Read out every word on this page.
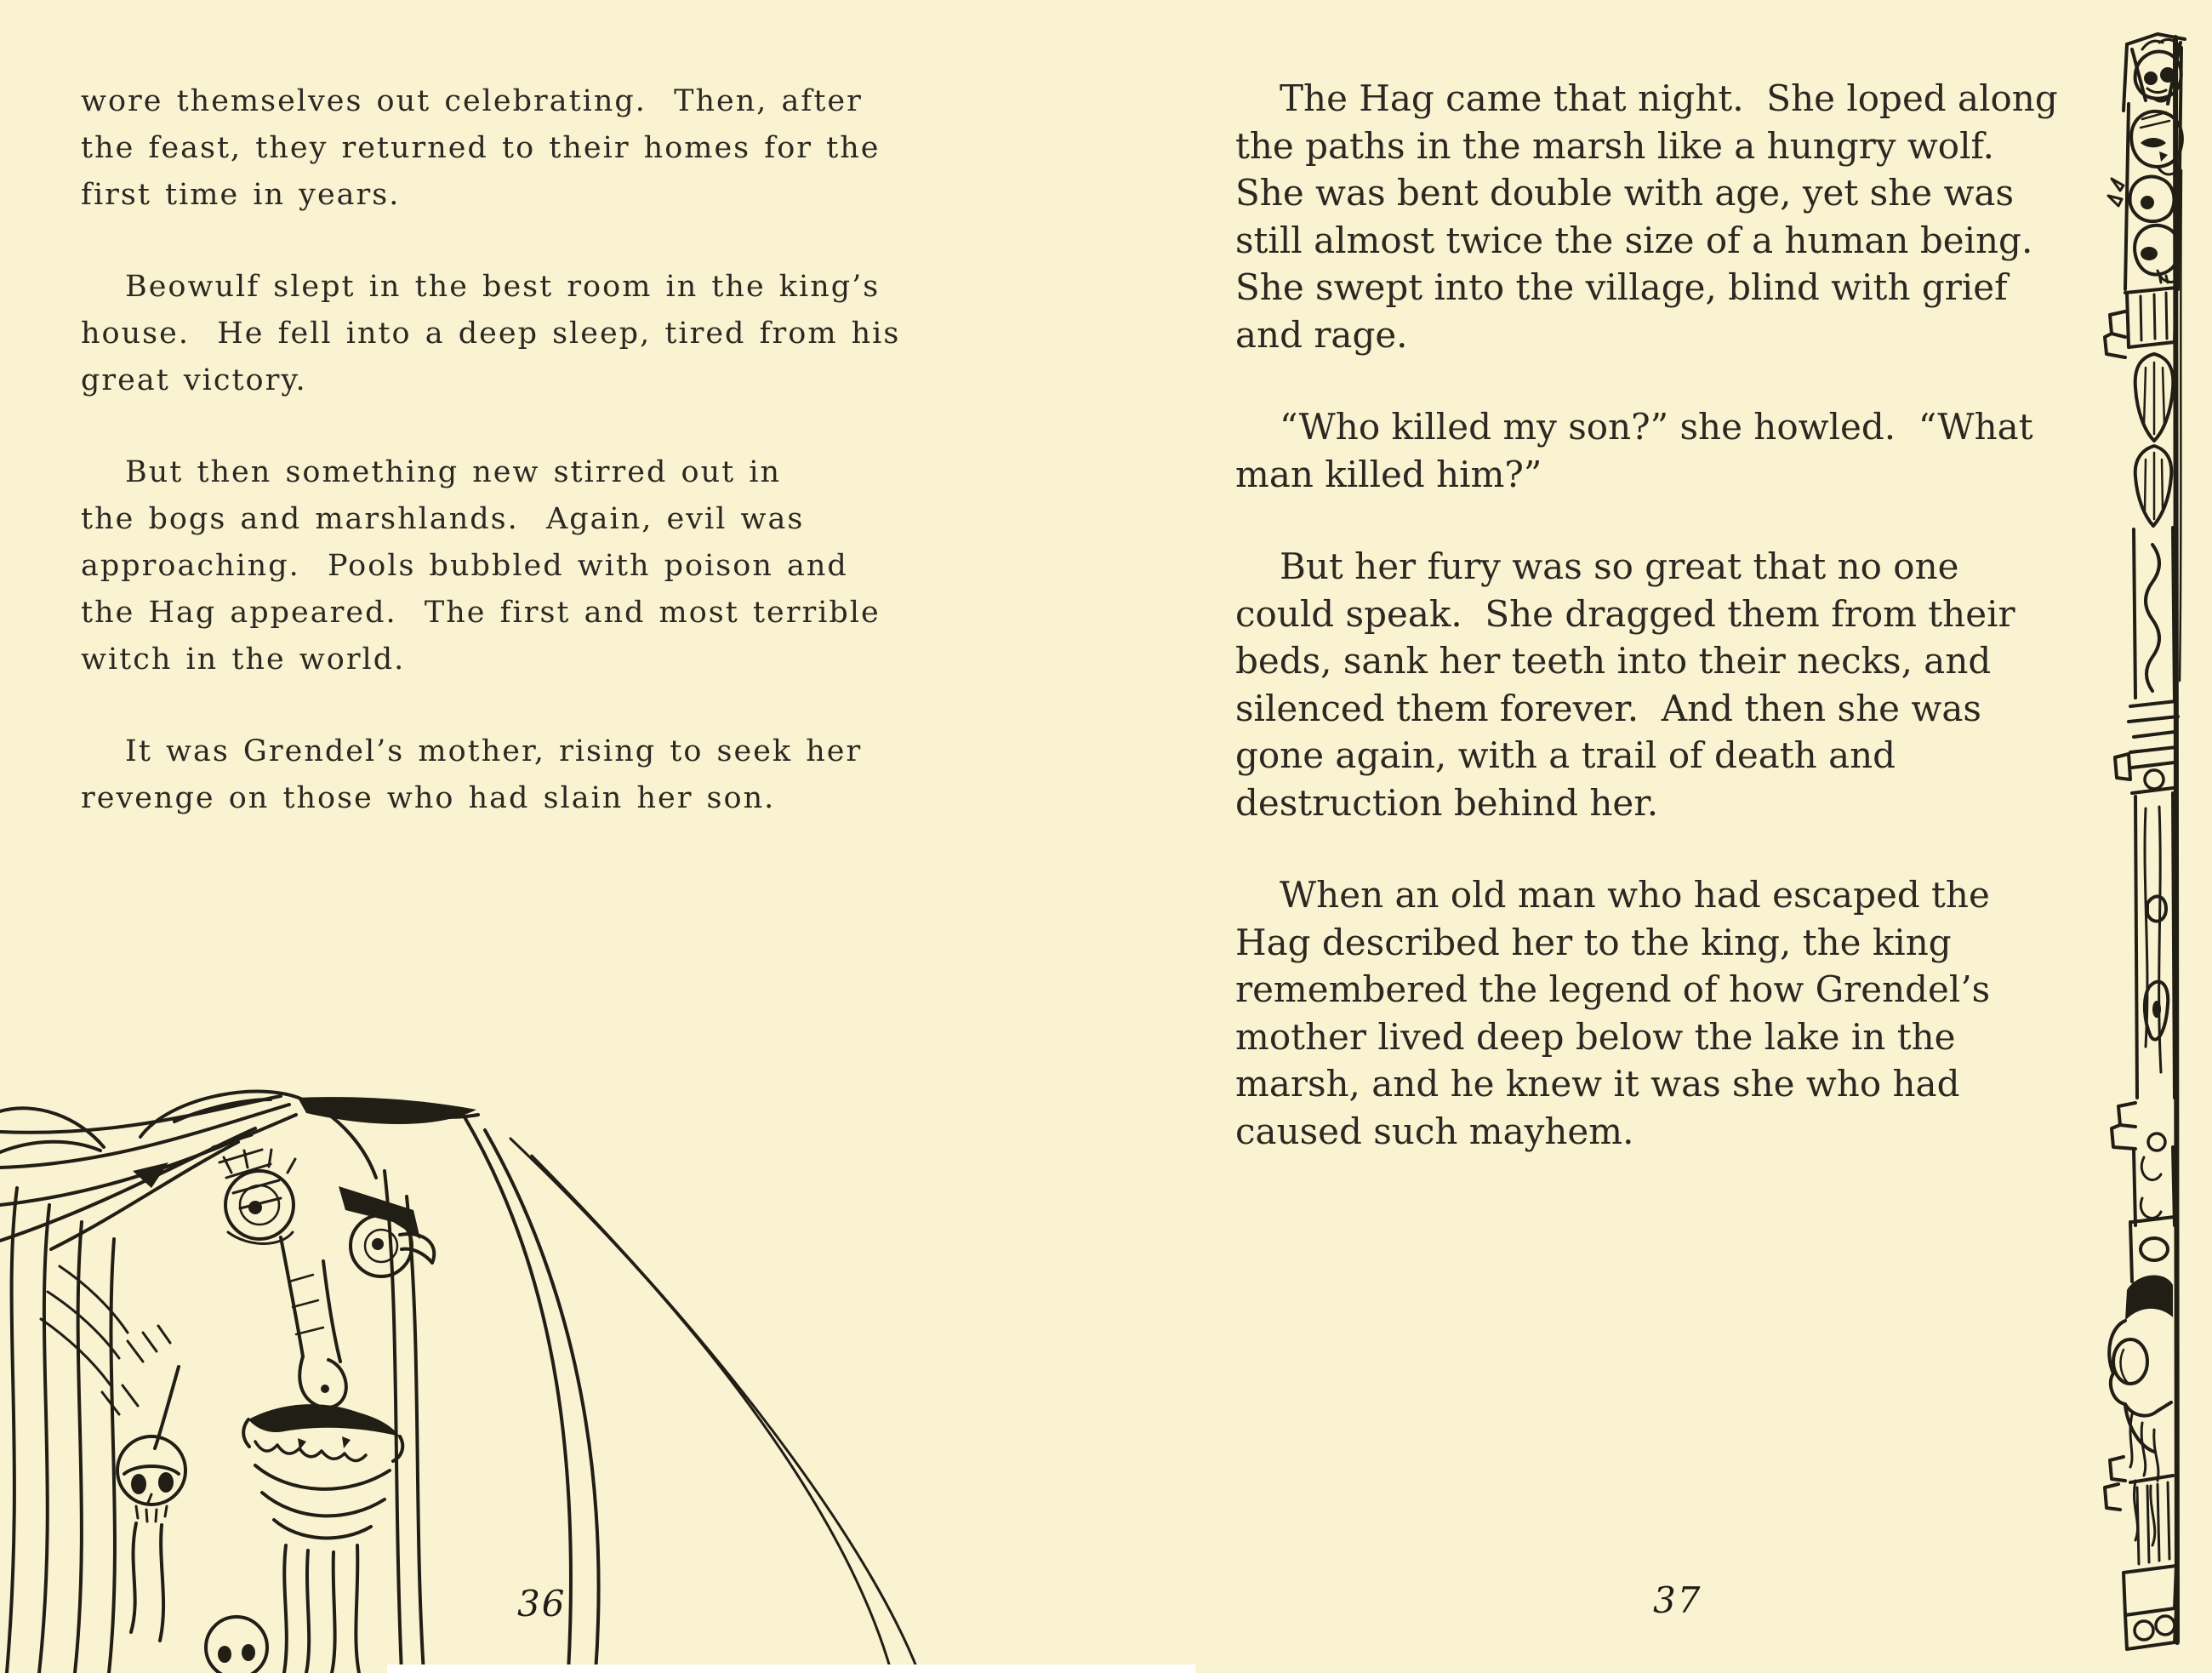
wore themselves out celebrating.  Then, after
the feast, they returned to their homes for the
first time in years.

Beowulf slept in the best room in the king’s
house.  He fell into a deep sleep, tired from his
great victory.

But then something new stirred out in
the bogs and marshlands.  Again, evil was
approaching.  Pools bubbled with poison and
the Hag appeared.  The first and most terrible
witch in the world.

It was Grendel’s mother, rising to seek her
revenge on those who had slain her son.

36

The Hag came that night.  She loped along
the paths in the marsh like a hungry wolf.
She was bent double with age, yet she was
still almost twice the size of a human being.
She swept into the village, blind with grief
and rage.

“Who killed my son?” she howled.  “What
man killed him?”

But her fury was so great that no one
could speak.  She dragged them from their
beds, sank her teeth into their necks, and
silenced them forever.  And then she was
gone again, with a trail of death and
destruction behind her.

When an old man who had escaped the
Hag described her to the king, the king
remembered the legend of how Grendel’s
mother lived deep below the lake in the
marsh, and he knew it was she who had
caused such mayhem.

37
